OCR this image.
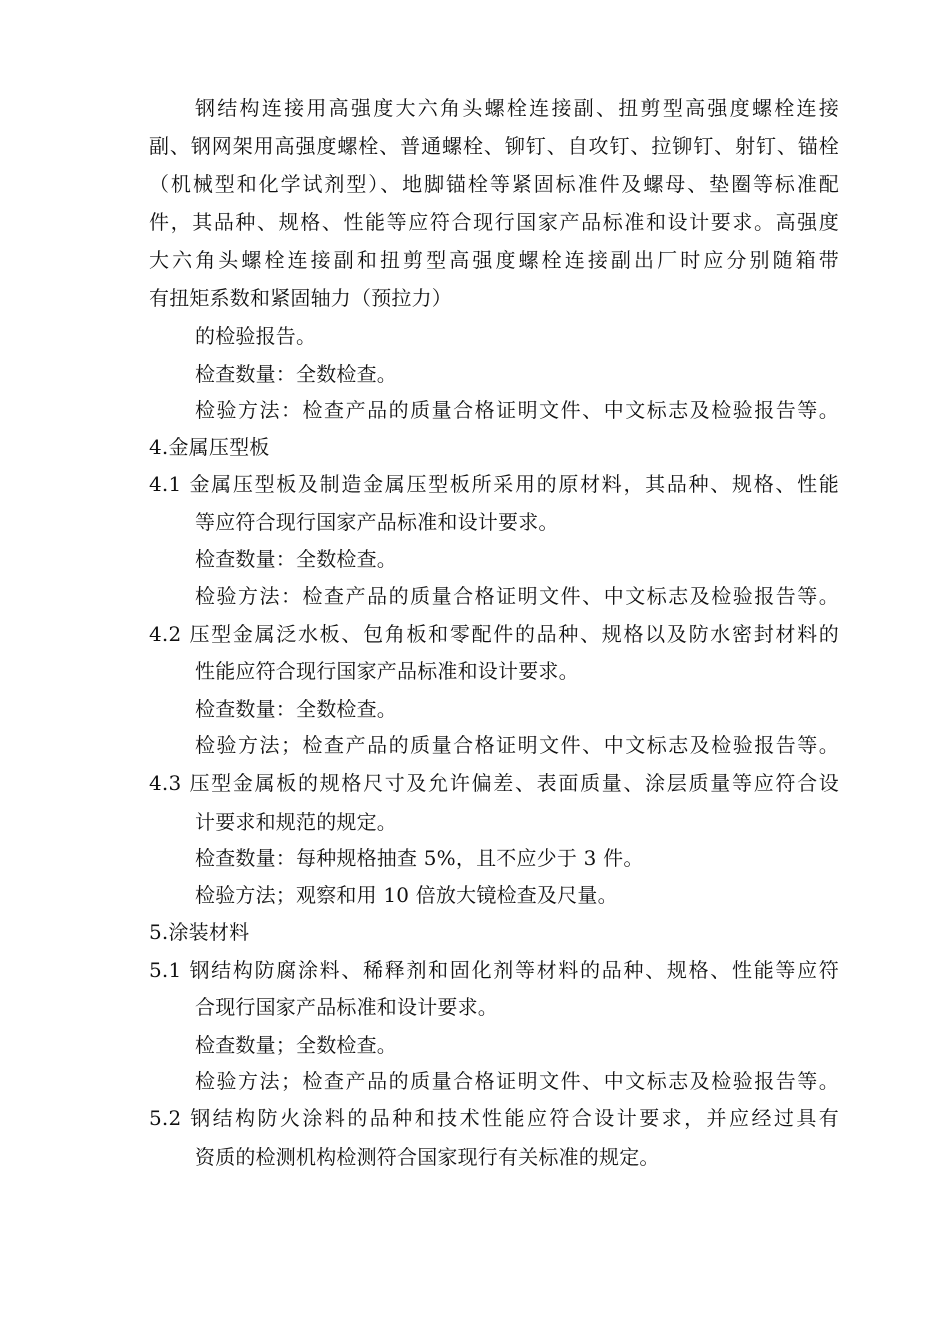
钢结构连接用高强度大六角头螺栓连接副、扭剪型高强度螺栓连接
副、钢网架用高强度螺栓、普通螺栓、铆钉、自攻钉、拉铆钉、射钉、锚栓
（机械型和化学试剂型）、地脚锚栓等紧固标准件及螺母、垫圈等标准配
件，其品种、规格、性能等应符合现行国家产品标准和设计要求。高强度
大六角头螺栓连接副和扭剪型高强度螺栓连接副出厂时应分别随箱带
有扭矩系数和紧固轴力（预拉力）
的检验报告。
检查数量：全数检查。
检验方法：检查产品的质量合格证明文件、中文标志及检验报告等。
4.金属压型板
4.1 金属压型板及制造金属压型板所采用的原材料，其品种、规格、性能
等应符合现行国家产品标准和设计要求。
检查数量：全数检查。
检验方法：检查产品的质量合格证明文件、中文标志及检验报告等。
4.2 压型金属泛水板、包角板和零配件的品种、规格以及防水密封材料的
性能应符合现行国家产品标准和设计要求。
检查数量：全数检查。
检验方法；检查产品的质量合格证明文件、中文标志及检验报告等。
4.3 压型金属板的规格尺寸及允许偏差、表面质量、涂层质量等应符合设
计要求和规范的规定。
检查数量：每种规格抽查 5%，且不应少于 3 件。
检验方法；观察和用 10 倍放大镜检查及尺量。
5.涂装材料
5.1 钢结构防腐涂料、稀释剂和固化剂等材料的品种、规格、性能等应符
合现行国家产品标准和设计要求。
检查数量；全数检查。
检验方法；检查产品的质量合格证明文件、中文标志及检验报告等。
5.2 钢结构防火涂料的品种和技术性能应符合设计要求，并应经过具有
资质的检测机构检测符合国家现行有关标准的规定。
